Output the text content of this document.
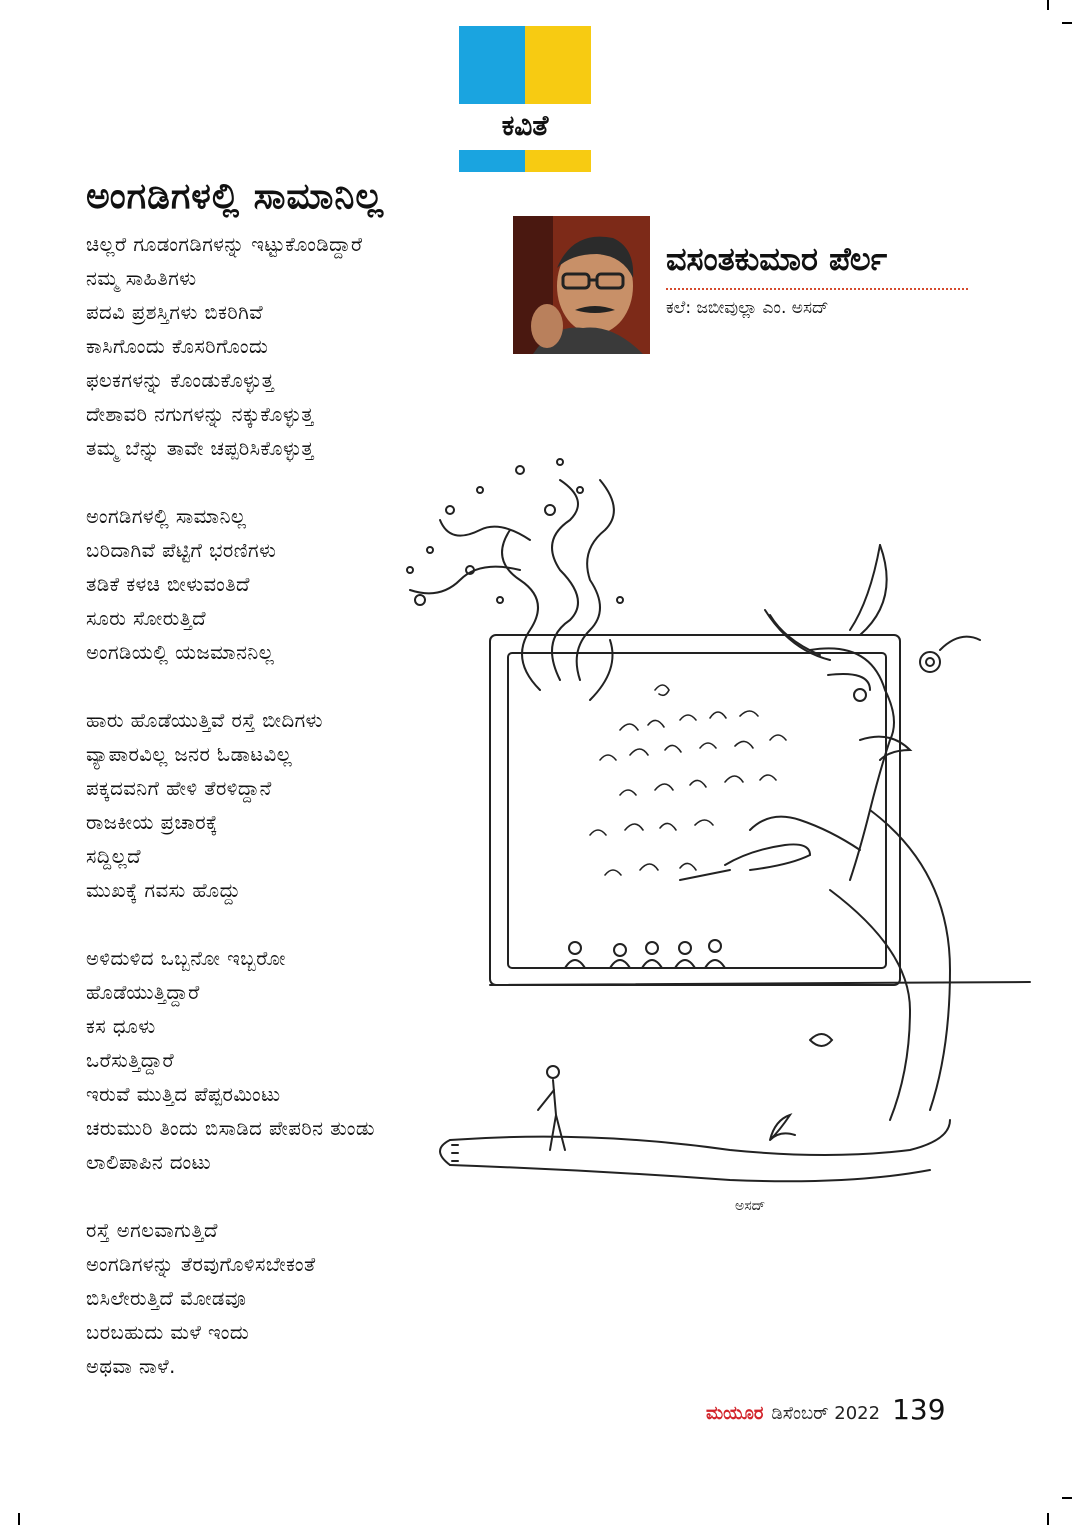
ಕವಿತೆ
ಅಂಗಡಿಗಳಲ್ಲಿ ಸಾಮಾನಿಲ್ಲ
ಚಿಲ್ಲರೆ ಗೂಡಂಗಡಿಗಳನ್ನು ಇಟ್ಟುಕೊಂಡಿದ್ದಾರೆ
ನಮ್ಮ ಸಾಹಿತಿಗಳು
ಪದವಿ ಪ್ರಶಸ್ತಿಗಳು ಬಿಕರಿಗಿವೆ
ಕಾಸಿಗೊಂದು ಕೊಸರಿಗೊಂದು
ಫಲಕಗಳನ್ನು ಕೊಂಡುಕೊಳ್ಳುತ್ತ
ದೇಶಾವರಿ ನಗುಗಳನ್ನು ನಕ್ಕುಕೊಳ್ಳುತ್ತ
ತಮ್ಮ ಬೆನ್ನು ತಾವೇ ಚಪ್ಪರಿಸಿಕೊಳ್ಳುತ್ತ
ಅಂಗಡಿಗಳಲ್ಲಿ ಸಾಮಾನಿಲ್ಲ
ಬರಿದಾಗಿವೆ ಪೆಟ್ಟಿಗೆ ಭರಣಿಗಳು
ತಡಿಕೆ ಕಳಚಿ ಬೀಳುವಂತಿದೆ
ಸೂರು ಸೋರುತ್ತಿದೆ
ಅಂಗಡಿಯಲ್ಲಿ ಯಜಮಾನನಿಲ್ಲ
ಹಾರು ಹೊಡೆಯುತ್ತಿವೆ ರಸ್ತೆ ಬೀದಿಗಳು
ವ್ಯಾಪಾರವಿಲ್ಲ ಜನರ ಓಡಾಟವಿಲ್ಲ
ಪಕ್ಕದವನಿಗೆ ಹೇಳಿ ತೆರಳಿದ್ದಾನೆ
ರಾಜಕೀಯ ಪ್ರಚಾರಕ್ಕೆ
ಸದ್ದಿಲ್ಲದೆ
ಮುಖಕ್ಕೆ ಗವಸು ಹೊದ್ದು
ಅಳಿದುಳಿದ ಒಬ್ಬನೋ ಇಬ್ಬರೋ
ಹೊಡೆಯುತ್ತಿದ್ದಾರೆ
ಕಸ ಧೂಳು
ಒರೆಸುತ್ತಿದ್ದಾರೆ
ಇರುವೆ ಮುತ್ತಿದ ಪೆಪ್ಪರಮಿಂಟು
ಚರುಮುರಿ ತಿಂದು ಬಿಸಾಡಿದ ಪೇಪರಿನ ತುಂಡು
ಲಾಲಿಪಾಪಿನ ದಂಟು
ರಸ್ತೆ ಅಗಲವಾಗುತ್ತಿದೆ
ಅಂಗಡಿಗಳನ್ನು ತೆರವುಗೊಳಿಸಬೇಕಂತೆ
ಬಿಸಿಲೇರುತ್ತಿದೆ ಮೋಡವೂ
ಬರಬಹುದು ಮಳೆ ಇಂದು
ಅಥವಾ ನಾಳೆ.
ವಸಂತಕುಮಾರ ಪೆರ್ಲ
ಕಲೆ: ಜಬೀವುಲ್ಲಾ ಎಂ. ಅಸದ್
ಅಸದ್
ಮಯೂರ ಡಿಸೆಂಬರ್ 2022 139
